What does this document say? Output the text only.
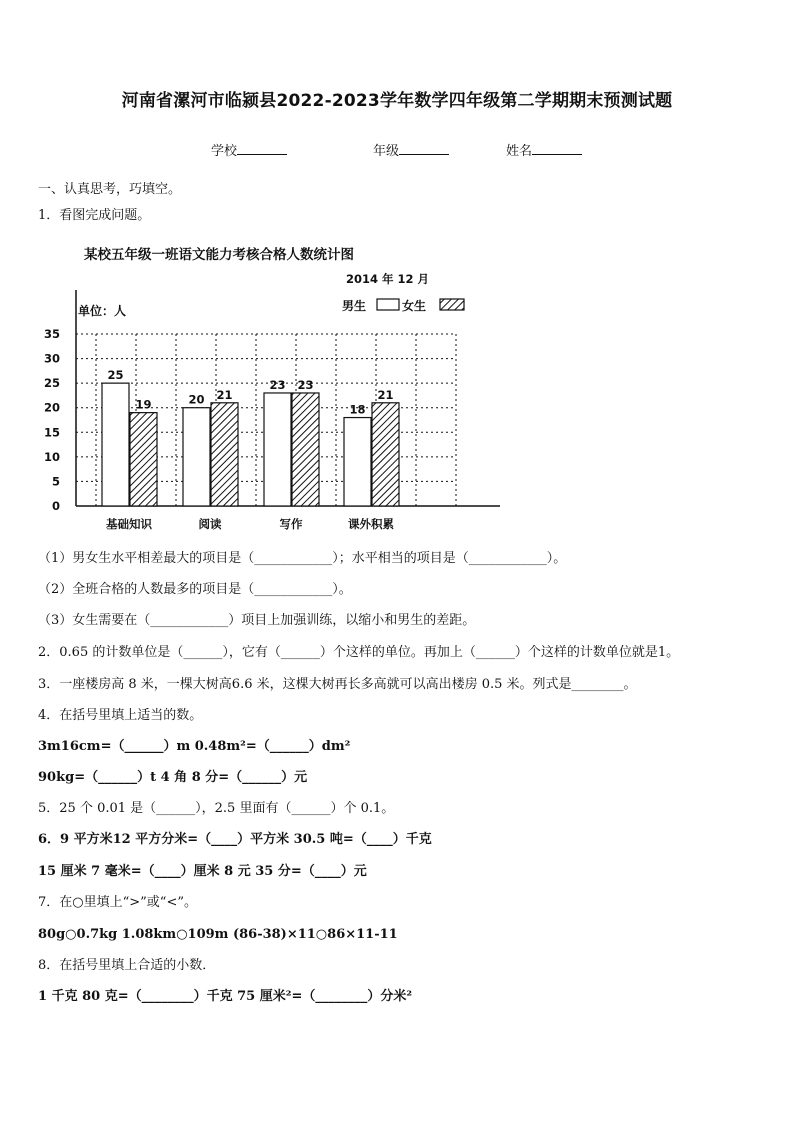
河南省漯河市临颍县2022-2023学年数学四年级第二学期期末预测试题
学校	年级	姓名
一、认真思考，巧填空。
1．看图完成问题。
某校五年级一班语文能力考核合格人数统计图
2014 年 12 月
单位：人	男生	女生
0
5
10
15
20
25
30
35
25
19	20 21
23 23
18
21
基础知识	阅读	写作	课外积累
（1）男女生水平相差最大的项目是（____________）；水平相当的项目是（____________）。
（2）全班合格的人数最多的项目是（____________）。
（3）女生需要在（____________）项目上加强训练，以缩小和男生的差距。
2．0.65 的计数单位是（______），它有（______）个这样的单位。再加上（______）个这样的计数单位就是1。
3．一座楼房高 8 米，一棵大树高6.6 米，这棵大树再长多高就可以高出楼房 0.5 米。列式是________。
4．在括号里填上适当的数。
3m16cm=（______）m 0.48m²=（______）dm²
90kg=（______）t 4 角 8 分=（______）元
5．25 个 0.01 是（______），2.5 里面有（______）个 0.1。
6．9 平方米12 平方分米=（____）平方米 30.5 吨=（____）千克
15 厘米 7 毫米=（____）厘米 8 元 35 分=（____）元
7．在○里填上“>”或“<”。
80g○0.7kg 1.08km○109m (86-38)×11○86×11-11
8．在括号里填上合适的小数．
1 千克 80 克=（________）千克 75 厘米²=（________）分米²
